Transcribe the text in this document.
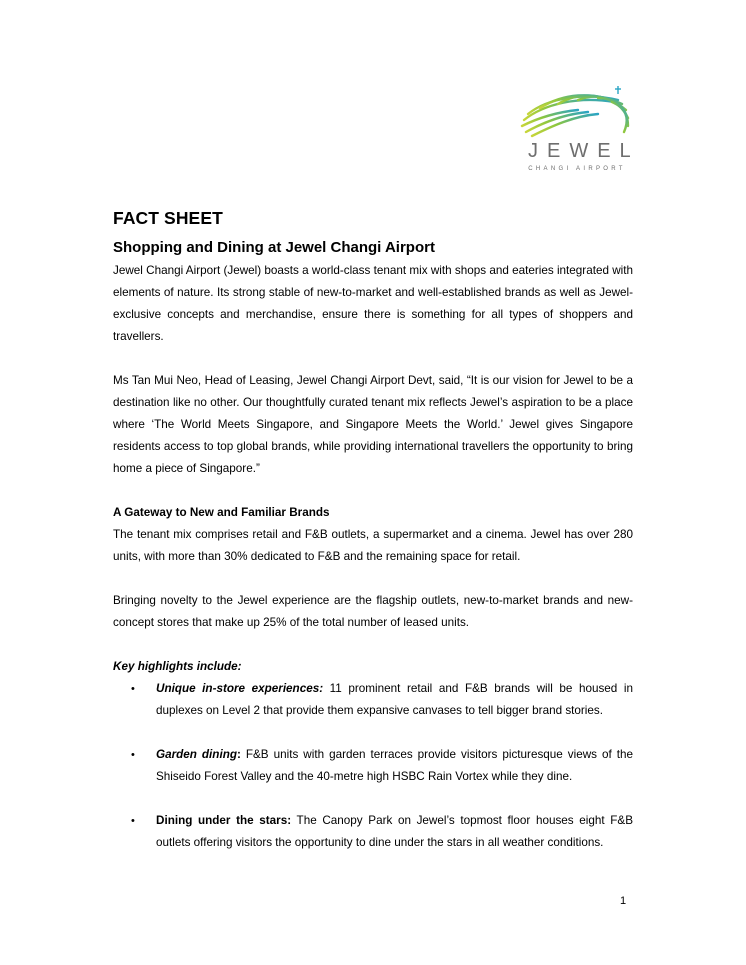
JEWEL
CHANGI AIRPORT
FACT SHEET
Shopping and Dining at Jewel Changi Airport

Jewel Changi Airport (Jewel) boasts a world-class tenant mix with shops and eateries integrated with elements of nature. Its strong stable of new-to-market and well-established brands as well as Jewel-exclusive concepts and merchandise, ensure there is something for all types of shoppers and travellers.

Ms Tan Mui Neo, Head of Leasing, Jewel Changi Airport Devt, said, “It is our vision for Jewel to be a destination like no other. Our thoughtfully curated tenant mix reflects Jewel’s aspiration to be a place where ‘The World Meets Singapore, and Singapore Meets the World.’ Jewel gives Singapore residents access to top global brands, while providing international travellers the opportunity to bring home a piece of Singapore.”

A Gateway to New and Familiar Brands

The tenant mix comprises retail and F&B outlets, a supermarket and a cinema. Jewel has over 280 units, with more than 30% dedicated to F&B and the remaining space for retail.

Bringing novelty to the Jewel experience are the flagship outlets, new-to-market brands and new-concept stores that make up 25% of the total number of leased units.

Key highlights include:
• Unique in-store experiences: 11 prominent retail and F&B brands will be housed in duplexes on Level 2 that provide them expansive canvases to tell bigger brand stories.
• Garden dining: F&B units with garden terraces provide visitors picturesque views of the Shiseido Forest Valley and the 40-metre high HSBC Rain Vortex while they dine.
• Dining under the stars: The Canopy Park on Jewel’s topmost floor houses eight F&B outlets offering visitors the opportunity to dine under the stars in all weather conditions.
1
